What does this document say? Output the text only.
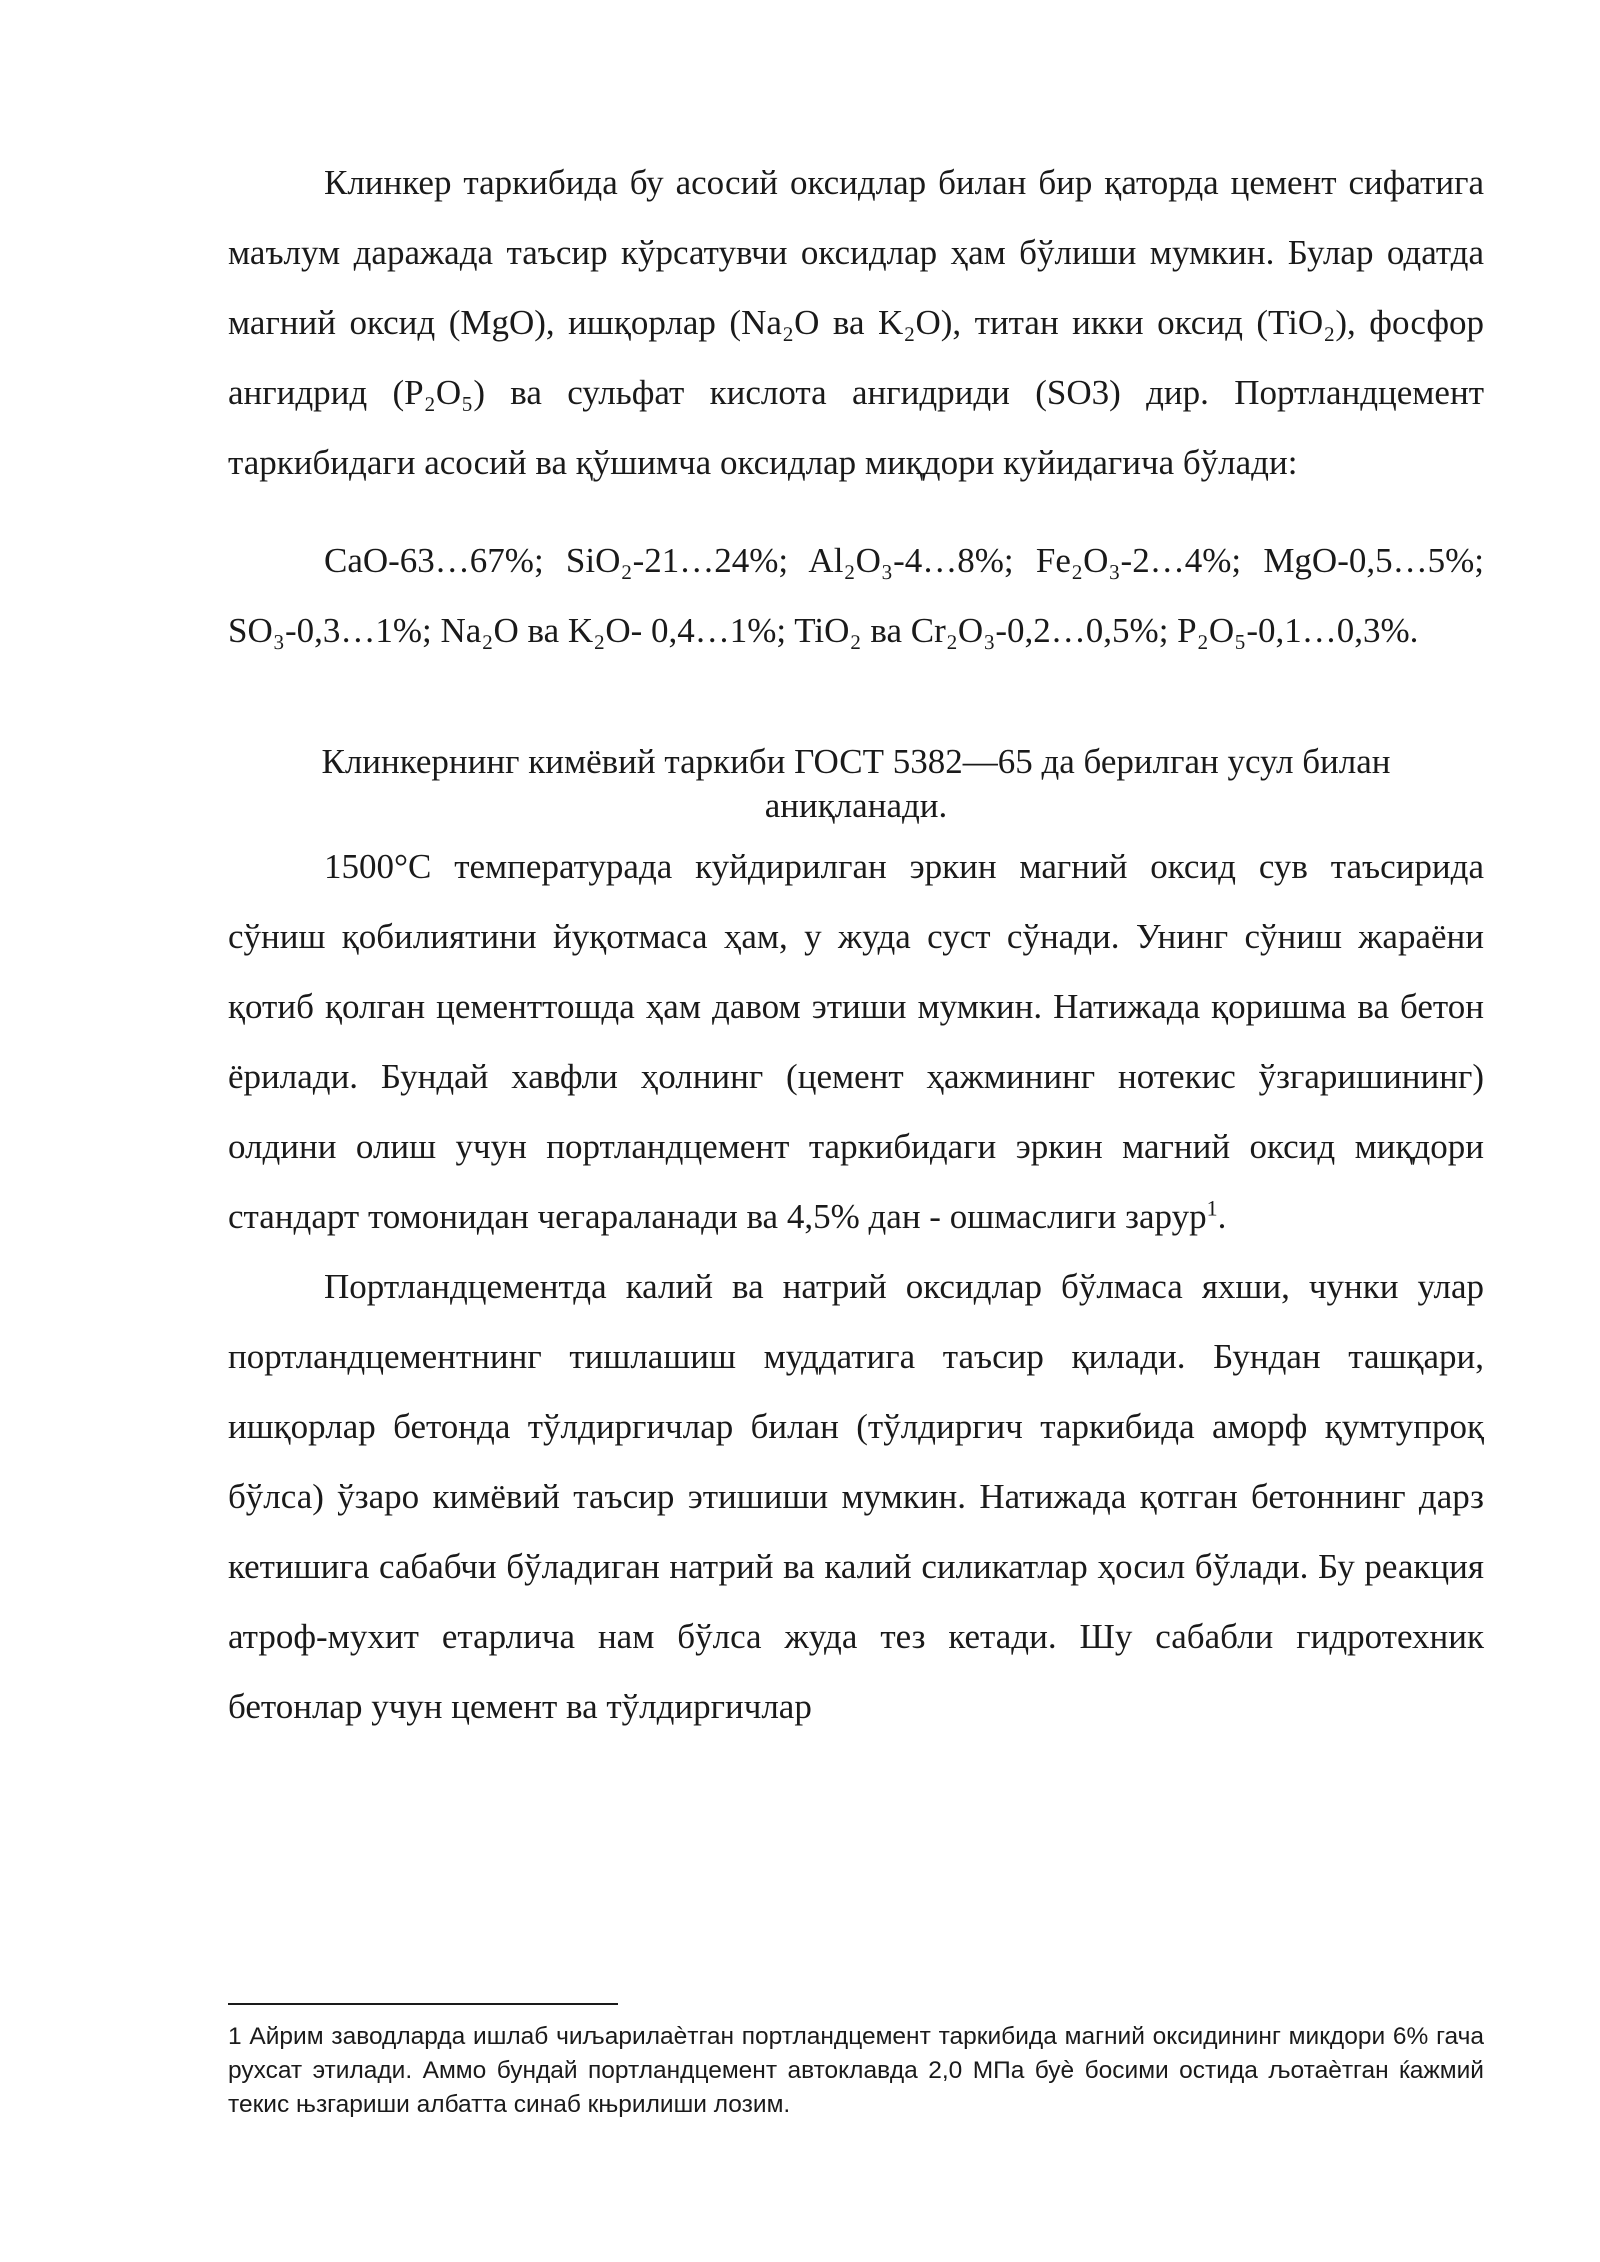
Клинкер таркибида бу асосий оксидлар билан бир қаторда цемент сифатига маълум даражада таъсир кўрсатувчи оксидлар ҳам бўлиши мумкин. Булар одатда магний оксид (MgO), ишқорлар (Na₂O ва K₂O), титан икки оксид (TiO₂), фосфор ангидрид (P₂O₅) ва сульфат кислота ангидриди (SO3) дир. Портландцемент таркибидаги асосий ва қўшимча оксидлар миқдори куйидагича бўлади:

CaO-63…67%; SiO₂-21…24%; Al₂O₃-4…8%; Fe₂O₃-2…4%; MgO-0,5…5%; SO₃-0,3…1%; Na₂O ва K₂O- 0,4…1%; TiO₂ ва Cr₂O₃-0,2…0,5%; P₂O₅-0,1…0,3%.

Клинкернинг кимёвий таркиби ГОСТ 5382—65 да берилган усул билан аниқланади.

1500°С температурада куйдирилган эркин магний оксид сув таъсирида сўниш қобилиятини йуқотмаса ҳам, у жуда суст сўнади. Унинг сўниш жараёни қотиб қолган цементтошда ҳам давом этиши мумкин. Натижада қоришма ва бетон ёрилади. Бундай хавфли ҳолнинг (цемент ҳажмининг нотекис ўзгаришининг) олдини олиш учун портландцемент таркибидаги эркин магний оксид миқдори стандарт томонидан чегараланади ва 4,5% дан - ошмаслиги зарур$^1$.

Портландцементда калий ва натрий оксидлар бўлмаса яхши, чунки улар портландцементнинг тишлашиш муддатига таъсир қилади. Бундан ташқари, ишқорлар бетонда тўлдиргичлар билан (тўлдиргич таркибида аморф қумтупроқ бўлса) ўзаро кимёвий таъсир этишиши мумкин. Натижада қотган бетоннинг дарз кетишига сабабчи бўладиган натрий ва калий силикатлар ҳосил бўлади. Бу реакция атроф-мухит етарлича нам бўлса жуда тез кетади. Шу сабабли гидротехник бетонлар учун цемент ва тўлдиргичлар

1 Айрим заводларда ишлаб чиљарилаѐтган портландцемент таркибида магний оксидининг микдори 6% гача рухсат этилади. Аммо бундай портландцемент автоклавда 2,0 МПа буѐ босими остида љотаѐтган ќажмий текис њзгариши албатта синаб књрилиши лозим.
